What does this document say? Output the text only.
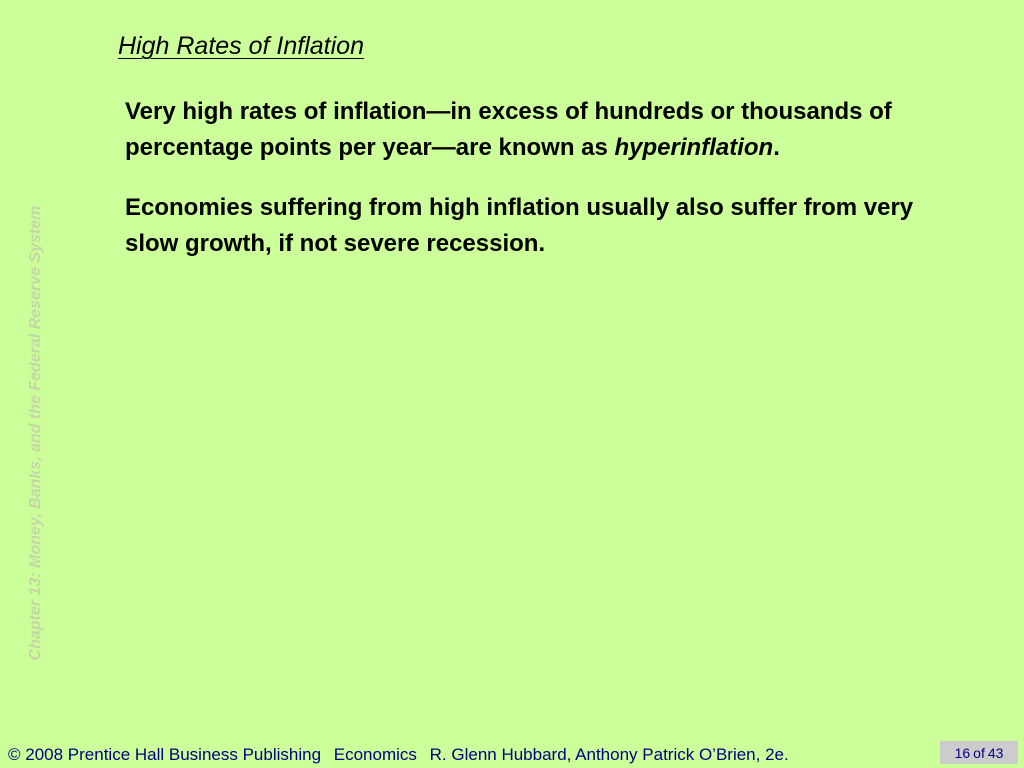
Chapter 13: Money, Banks, and the Federal Reserve System
High Rates of Inflation

Very high rates of inflation—in excess of hundreds or thousands of percentage points per year—are known as hyperinflation.

Economies suffering from high inflation usually also suffer from very slow growth, if not severe recession.

© 2008 Prentice Hall Business Publishing Economics R. Glenn Hubbard, Anthony Patrick O’Brien, 2e.	16 of 43
